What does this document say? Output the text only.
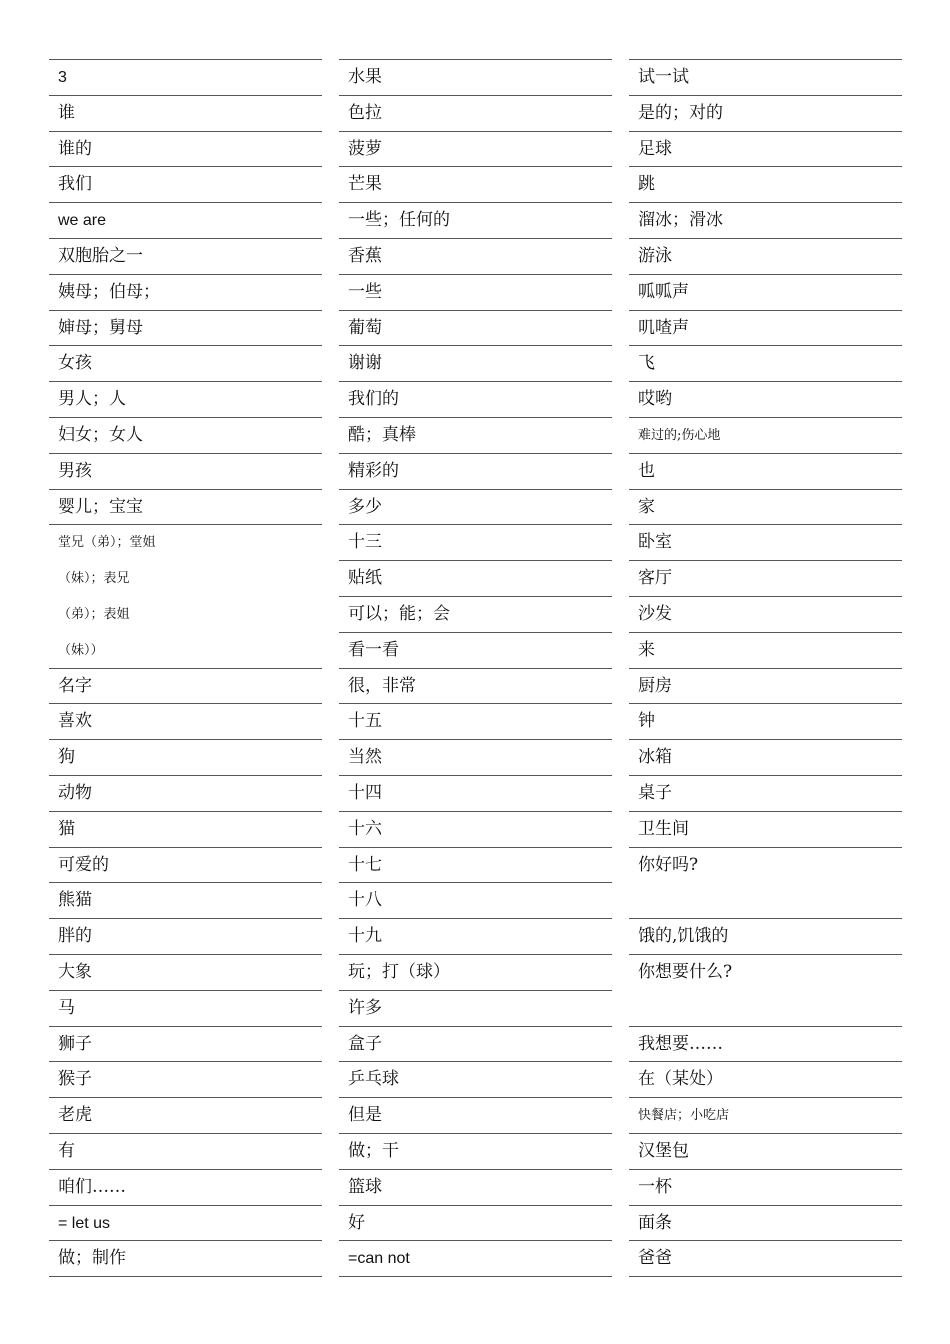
3
谁
谁的
我们
we are
双胞胎之一
姨母；伯母；
婶母；舅母
女孩
男人；人
妇女；女人
男孩
婴儿；宝宝
堂兄（弟）；堂姐
（妹）；表兄
（弟）；表姐
（妹））
名字
喜欢
狗
动物
猫
可爱的
熊猫
胖的
大象
马
狮子
猴子
老虎
有
咱们……
= let us
做；制作
水果
色拉
菠萝
芒果
一些；任何的
香蕉
一些
葡萄
谢谢
我们的
酷；真棒
精彩的
多少
十三
贴纸
可以；能；会
看一看
很，非常
十五
当然
十四
十六
十七
十八
十九
玩；打（球）
许多
盒子
乒乓球
但是
做；干
篮球
好
=can not
试一试
是的；对的
足球
跳
溜冰；滑冰
游泳
呱呱声
叽喳声
飞
哎哟
难过的;伤心地
也
家
卧室
客厅
沙发
来
厨房
钟
冰箱
桌子
卫生间
你好吗?
饿的,饥饿的
你想要什么?
我想要……
在（某处）
快餐店；小吃店
汉堡包
一杯
面条
爸爸
